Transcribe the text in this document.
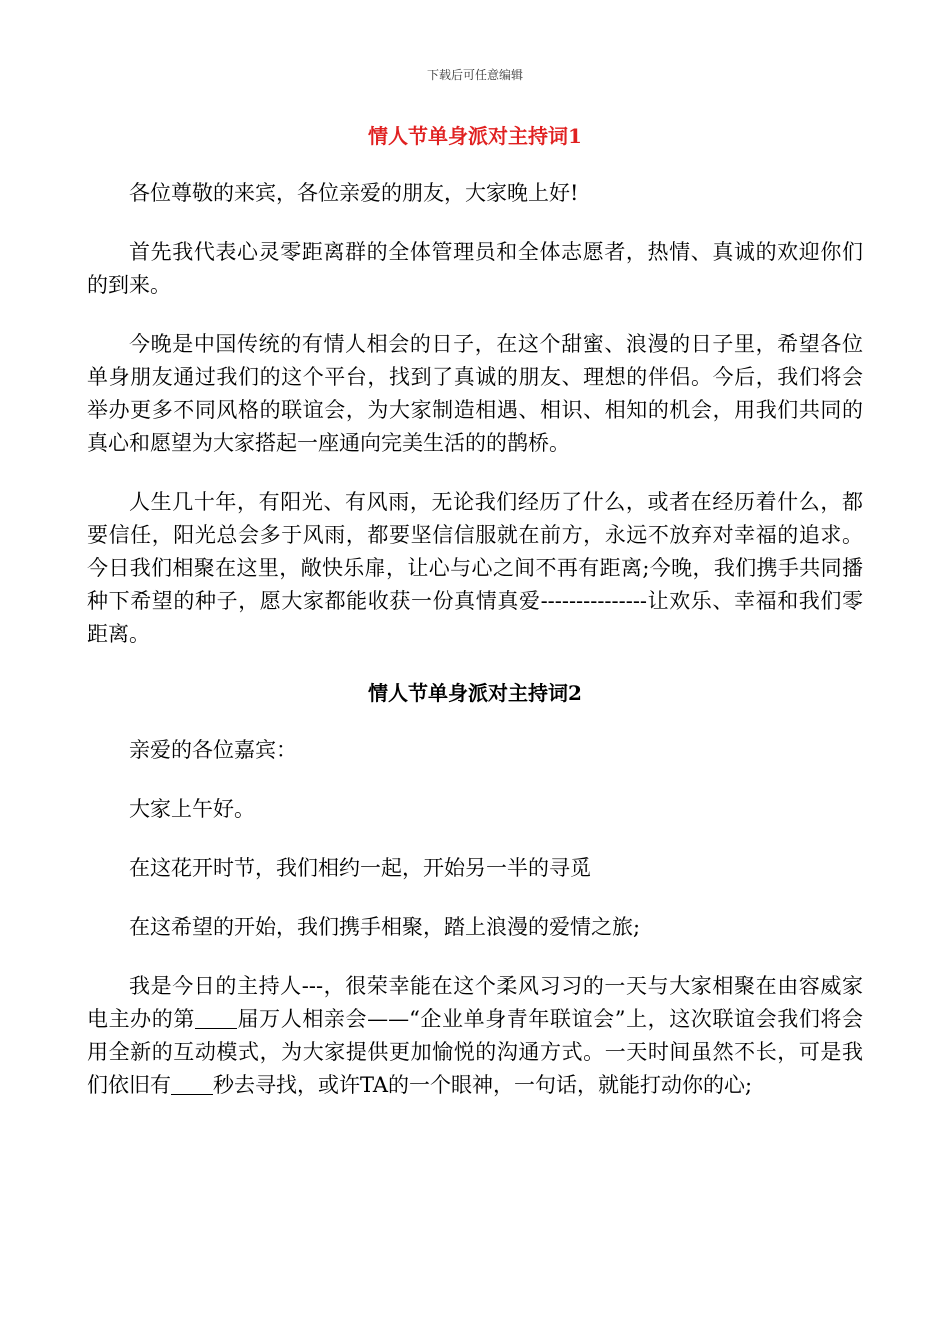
下载后可任意编辑
情人节单身派对主持词1

各位尊敬的来宾，各位亲爱的朋友，大家晚上好!

首先我代表心灵零距离群的全体管理员和全体志愿者，热情、真诚的欢迎你们的到来。

今晚是中国传统的有情人相会的日子，在这个甜蜜、浪漫的日子里，希望各位单身朋友通过我们的这个平台，找到了真诚的朋友、理想的伴侣。今后，我们将会举办更多不同风格的联谊会，为大家制造相遇、相识、相知的机会，用我们共同的真心和愿望为大家搭起一座通向完美生活的的鹊桥。

人生几十年，有阳光、有风雨，无论我们经历了什么，或者在经历着什么，都要信任，阳光总会多于风雨，都要坚信信服就在前方，永远不放弃对幸福的追求。今日我们相聚在这里，敞快乐扉，让心与心之间不再有距离;今晚，我们携手共同播种下希望的种子，愿大家都能收获一份真情真爱---------------让欢乐、幸福和我们零距离。

情人节单身派对主持词2

亲爱的各位嘉宾：

大家上午好。

在这花开时节，我们相约一起，开始另一半的寻觅

在这希望的开始，我们携手相聚，踏上浪漫的爱情之旅;

我是今日的主持人---，很荣幸能在这个柔风习习的一天与大家相聚在由容威家电主办的第 届万人相亲会——“企业单身青年联谊会”上，这次联谊会我们将会用全新的互动模式，为大家提供更加愉悦的沟通方式。一天时间虽然不长，可是我们依旧有 秒去寻找，或许TA的一个眼神，一句话，就能打动你的心;
